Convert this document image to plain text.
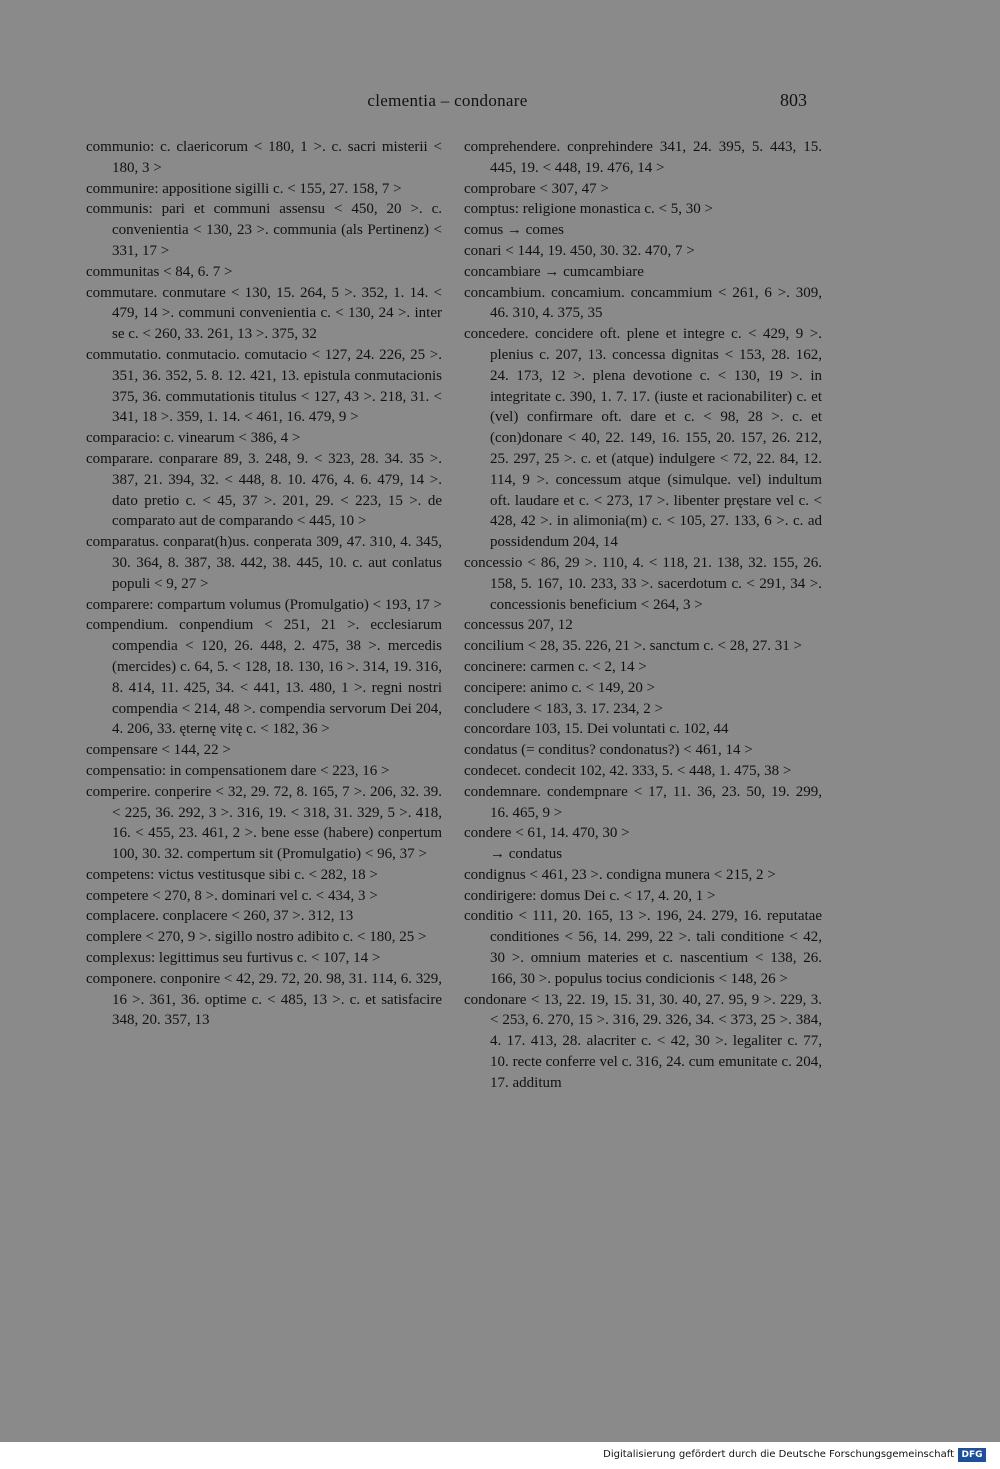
clementia – condonare	803

communio: c. claericorum < 180, 1 >. c. sacri misterii < 180, 3 >

communire: appositione sigilli c. < 155, 27. 158, 7 >

communis: pari et communi assensu < 450, 20 >. c. convenientia < 130, 23 >. communia (als Pertinenz) < 331, 17 >

communitas < 84, 6. 7 >

commutare. conmutare < 130, 15. 264, 5 >. 352, 1. 14. < 479, 14 >. communi convenientia c. < 130, 24 >. inter se c. < 260, 33. 261, 13 >. 375, 32

commutatio. conmutacio. comutacio < 127, 24. 226, 25 >. 351, 36. 352, 5. 8. 12. 421, 13. epistula conmutacionis 375, 36. commutationis titulus < 127, 43 >. 218, 31. < 341, 18 >. 359, 1. 14. < 461, 16. 479, 9 >

comparacio: c. vinearum < 386, 4 >

comparare. conparare 89, 3. 248, 9. < 323, 28. 34. 35 >. 387, 21. 394, 32. < 448, 8. 10. 476, 4. 6. 479, 14 >. dato pretio c. < 45, 37 >. 201, 29. < 223, 15 >. de comparato aut de comparando < 445, 10 >

comparatus. conparat(h)us. conperata 309, 47. 310, 4. 345, 30. 364, 8. 387, 38. 442, 38. 445, 10. c. aut conlatus populi < 9, 27 >

comparere: compartum volumus (Promulgatio) < 193, 17 >

compendium. conpendium < 251, 21 >. ecclesiarum compendia < 120, 26. 448, 2. 475, 38 >. mercedis (mercides) c. 64, 5. < 128, 18. 130, 16 >. 314, 19. 316, 8. 414, 11. 425, 34. < 441, 13. 480, 1 >. regni nostri compendia < 214, 48 >. compendia servorum Dei 204, 4. 206, 33. ęternę vitę c. < 182, 36 >

compensare < 144, 22 >

compensatio: in compensationem dare < 223, 16 >

comperire. conperire < 32, 29. 72, 8. 165, 7 >. 206, 32. 39. < 225, 36. 292, 3 >. 316, 19. < 318, 31. 329, 5 >. 418, 16. < 455, 23. 461, 2 >. bene esse (habere) conpertum 100, 30. 32. compertum sit (Promulgatio) < 96, 37 >

competens: victus vestitusque sibi c. < 282, 18 >

competere < 270, 8 >. dominari vel c. < 434, 3 >

complacere. conplacere < 260, 37 >. 312, 13

complere < 270, 9 >. sigillo nostro adibito c. < 180, 25 >

complexus: legittimus seu furtivus c. < 107, 14 >

componere. conponire < 42, 29. 72, 20. 98, 31. 114, 6. 329, 16 >. 361, 36. optime c. < 485, 13 >. c. et satisfacire 348, 20. 357, 13

comprehendere. conprehindere 341, 24. 395, 5. 443, 15. 445, 19. < 448, 19. 476, 14 >

comprobare < 307, 47 >

comptus: religione monastica c. < 5, 30 >

comus → comes

conari < 144, 19. 450, 30. 32. 470, 7 >

concambiare → cumcambiare

concambium. concamium. concammium < 261, 6 >. 309, 46. 310, 4. 375, 35

concedere. concidere oft. plene et integre c. < 429, 9 >. plenius c. 207, 13. concessa dignitas < 153, 28. 162, 24. 173, 12 >. plena devotione c. < 130, 19 >. in integritate c. 390, 1. 7. 17. (iuste et racionabiliter) c. et (vel) confirmare oft. dare et c. < 98, 28 >. c. et (con)donare < 40, 22. 149, 16. 155, 20. 157, 26. 212, 25. 297, 25 >. c. et (atque) indulgere < 72, 22. 84, 12. 114, 9 >. concessum atque (simulque. vel) indultum oft. laudare et c. < 273, 17 >. libenter pręstare vel c. < 428, 42 >. in alimonia(m) c. < 105, 27. 133, 6 >. c. ad possidendum 204, 14

concessio < 86, 29 >. 110, 4. < 118, 21. 138, 32. 155, 26. 158, 5. 167, 10. 233, 33 >. sacerdotum c. < 291, 34 >. concessionis beneficium < 264, 3 >

concessus 207, 12

concilium < 28, 35. 226, 21 >. sanctum c. < 28, 27. 31 >

concinere: carmen c. < 2, 14 >

concipere: animo c. < 149, 20 >

concludere < 183, 3. 17. 234, 2 >

concordare 103, 15. Dei voluntati c. 102, 44

condatus (= conditus? condonatus?) < 461, 14 >

condecet. condecit 102, 42. 333, 5. < 448, 1. 475, 38 >

condemnare. condempnare < 17, 11. 36, 23. 50, 19. 299, 16. 465, 9 >

condere < 61, 14. 470, 30 >

→ condatus

condignus < 461, 23 >. condigna munera < 215, 2 >

condirigere: domus Dei c. < 17, 4. 20, 1 >

conditio < 111, 20. 165, 13 >. 196, 24. 279, 16. reputatae conditiones < 56, 14. 299, 22 >. tali conditione < 42, 30 >. omnium materies et c. nascentium < 138, 26. 166, 30 >. populus tocius condicionis < 148, 26 >

condonare < 13, 22. 19, 15. 31, 30. 40, 27. 95, 9 >. 229, 3. < 253, 6. 270, 15 >. 316, 29. 326, 34. < 373, 25 >. 384, 4. 17. 413, 28. alacriter c. < 42, 30 >. legaliter c. 77, 10. recte conferre vel c. 316, 24. cum emunitate c. 204, 17. additum

Digitalisierung gefördert durch die Deutsche Forschungsgemeinschaft DFG
